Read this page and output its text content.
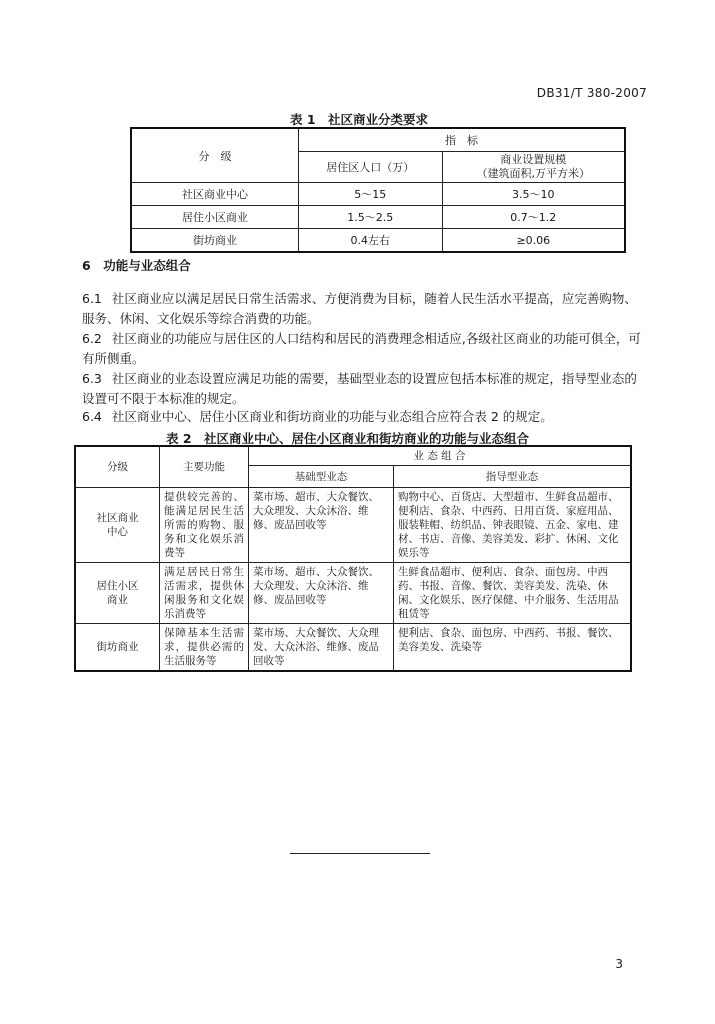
DB31/T 380-2007
表 1　社区商业分类要求
分　级	指　标	
	居住区人口（万）	商业设置规模
（建筑面积,万平方米）
社区商业中心	5～15	3.5～10
居住小区商业	1.5～2.5	0.7～1.2
街坊商业	0.4左右	≥0.06
6　功能与业态组合
6.1 社区商业应以满足居民日常生活需求、方便消费为目标，随着人民生活水平提高，应完善购物、服务、休闲、文化娱乐等综合消费的功能。
6.2 社区商业的功能应与居住区的人口结构和居民的消费理念相适应,各级社区商业的功能可俱全，可有所侧重。
6.3 社区商业的业态设置应满足功能的需要，基础型业态的设置应包括本标准的规定，指导型业态的设置可不限于本标准的规定。
6.4 社区商业中心、居住小区商业和街坊商业的功能与业态组合应符合表 2 的规定。
表 2　社区商业中心、居住小区商业和街坊商业的功能与业态组合
分级	主要功能	业 态 组 合	
		基础型业态	指导型业态
社区商业
中心	提供较完善的、能满足居民生活所需的购物、服务和文化娱乐消费等	菜市场、超市、大众餐饮、大众理发、大众沐浴、维修、废品回收等	购物中心、百货店、大型超市、生鲜食品超市、便利店、食杂、中西药、日用百货、家庭用品、服装鞋帽、纺织品、钟表眼镜、五金、家电、建材、书店、音像、美容美发、彩扩、休闲、文化娱乐等
居住小区
商业	满足居民日常生活需求，提供休闲服务和文化娱乐消费等	菜市场、超市、大众餐饮、大众理发、大众沐浴、维修、废品回收等	生鲜食品超市、便利店、食杂、面包房、中西药、书报、音像、餐饮、美容美发、洗染、休闲、文化娱乐、医疗保健、中介服务、生活用品租赁等
街坊商业	保障基本生活需求，提供必需的生活服务等	菜市场、大众餐饮、大众理发、大众沐浴、维修、废品回收等	便利店、食杂、面包房、中西药、书报、餐饮、美容美发、洗染等
3
